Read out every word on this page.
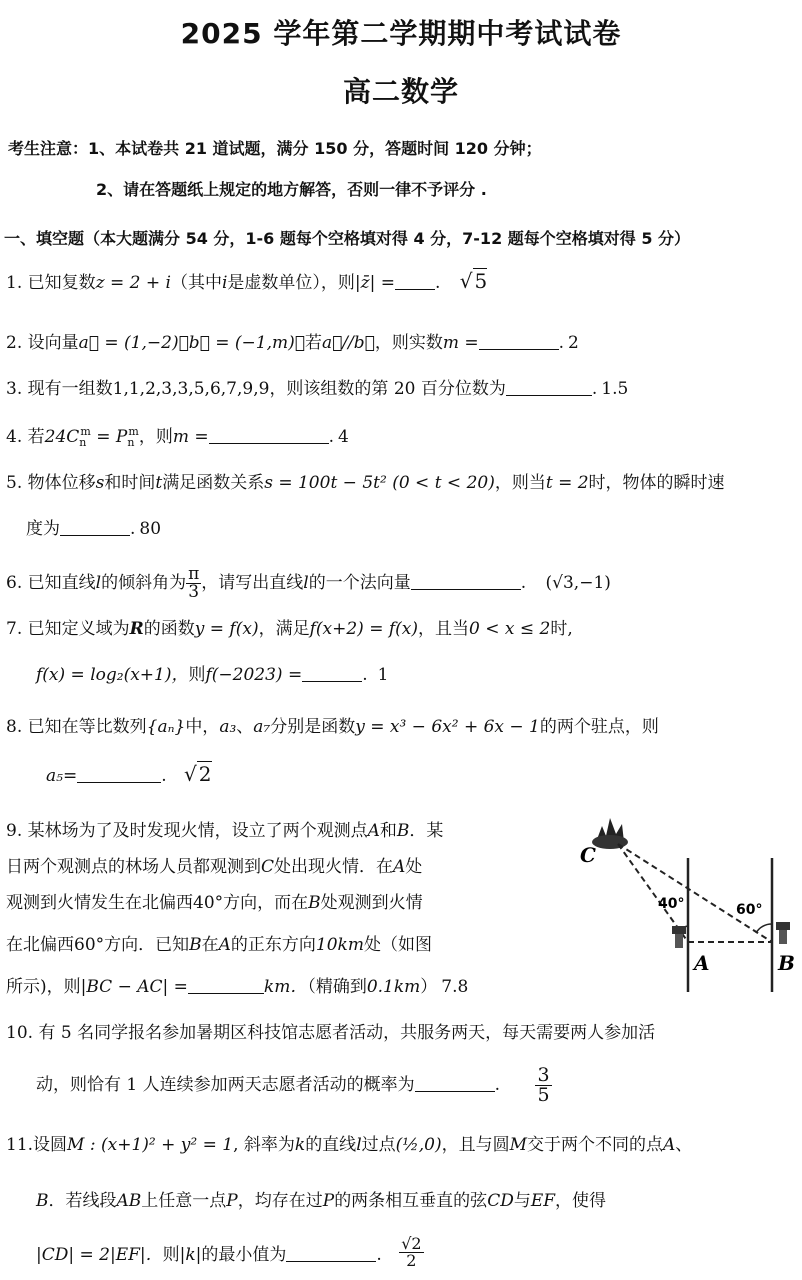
2025 学年第二学期期中考试试卷
高二数学
考生注意：1、本试卷共 21 道试题，满分 150 分，答题时间 120 分钟；
2、请在答题纸上规定的地方解答，否则一律不予评分 .
一、填空题（本大题满分 54 分，1-6 题每个空格填对得 4 分，7-12 题每个空格填对得 5 分）
1. 已知复数z = 2 + i（其中i是虚数单位），则|z̄| = . √ 5
2. 设向量a⃗ = (1,−2)，b⃗ = (−1,m)，若a⃗//b⃗，则实数m =	. 2
3. 现有一组数1,1,2,3,3,5,6,7,9,9，则该组数的第 20 百分位数为	. 1.5
4. 若$24C_n^m = P_n^m$，则m =	. 4
5. 物体位移s和时间t满足函数关系s = 100t − 5t² (0 < t < 20)，则当t = 2时，物体的瞬时速
度为	. 80
6. 已知直线l的倾斜角为 $\frac{\pi}{3}$ ，请写出直线l的一个法向量	. (√3,−1)
7. 已知定义域为R的函数y = f(x)，满足f(x+2) = f(x)，且当0 < x ≤ 2时,
f(x) = log₂(x+1)，则f(−2023) =	. 1
8. 已知在等比数列{aₙ}中，a₃、a₇分别是函数y = x³ − 6x² + 6x − 1的两个驻点，则
a₅=	. √ 2
9. 某林场为了及时发现火情，设立了两个观测点A和B．某
日两个观测点的林场人员都观测到C处出现火情．在A处
观测到火情发生在北偏西40°方向，而在B处观测到火情
在北偏西60°方向．已知B在A的正东方向10km处（如图
所示)，则|BC − AC| =	km．（精确到0.1km） 7.8
C
40°	60°
A	B
10. 有 5 名同学报名参加暑期区科技馆志愿者活动，共服务两天，每天需要两人参加活
动，则恰有 1 人连续参加两天志愿者活动的概率为	. $\frac{3}{5}$
11.设圆M : (x+1)² + y² = 1, 斜率为k的直线l过点(½,0)，且与圆M交于两个不同的点A、
B．若线段AB上任意一点P，均存在过P的两条相互垂直的弦CD与EF，使得
|CD| = 2|EF|．则|k|的最小值为	. $\frac{√2}{2}$
